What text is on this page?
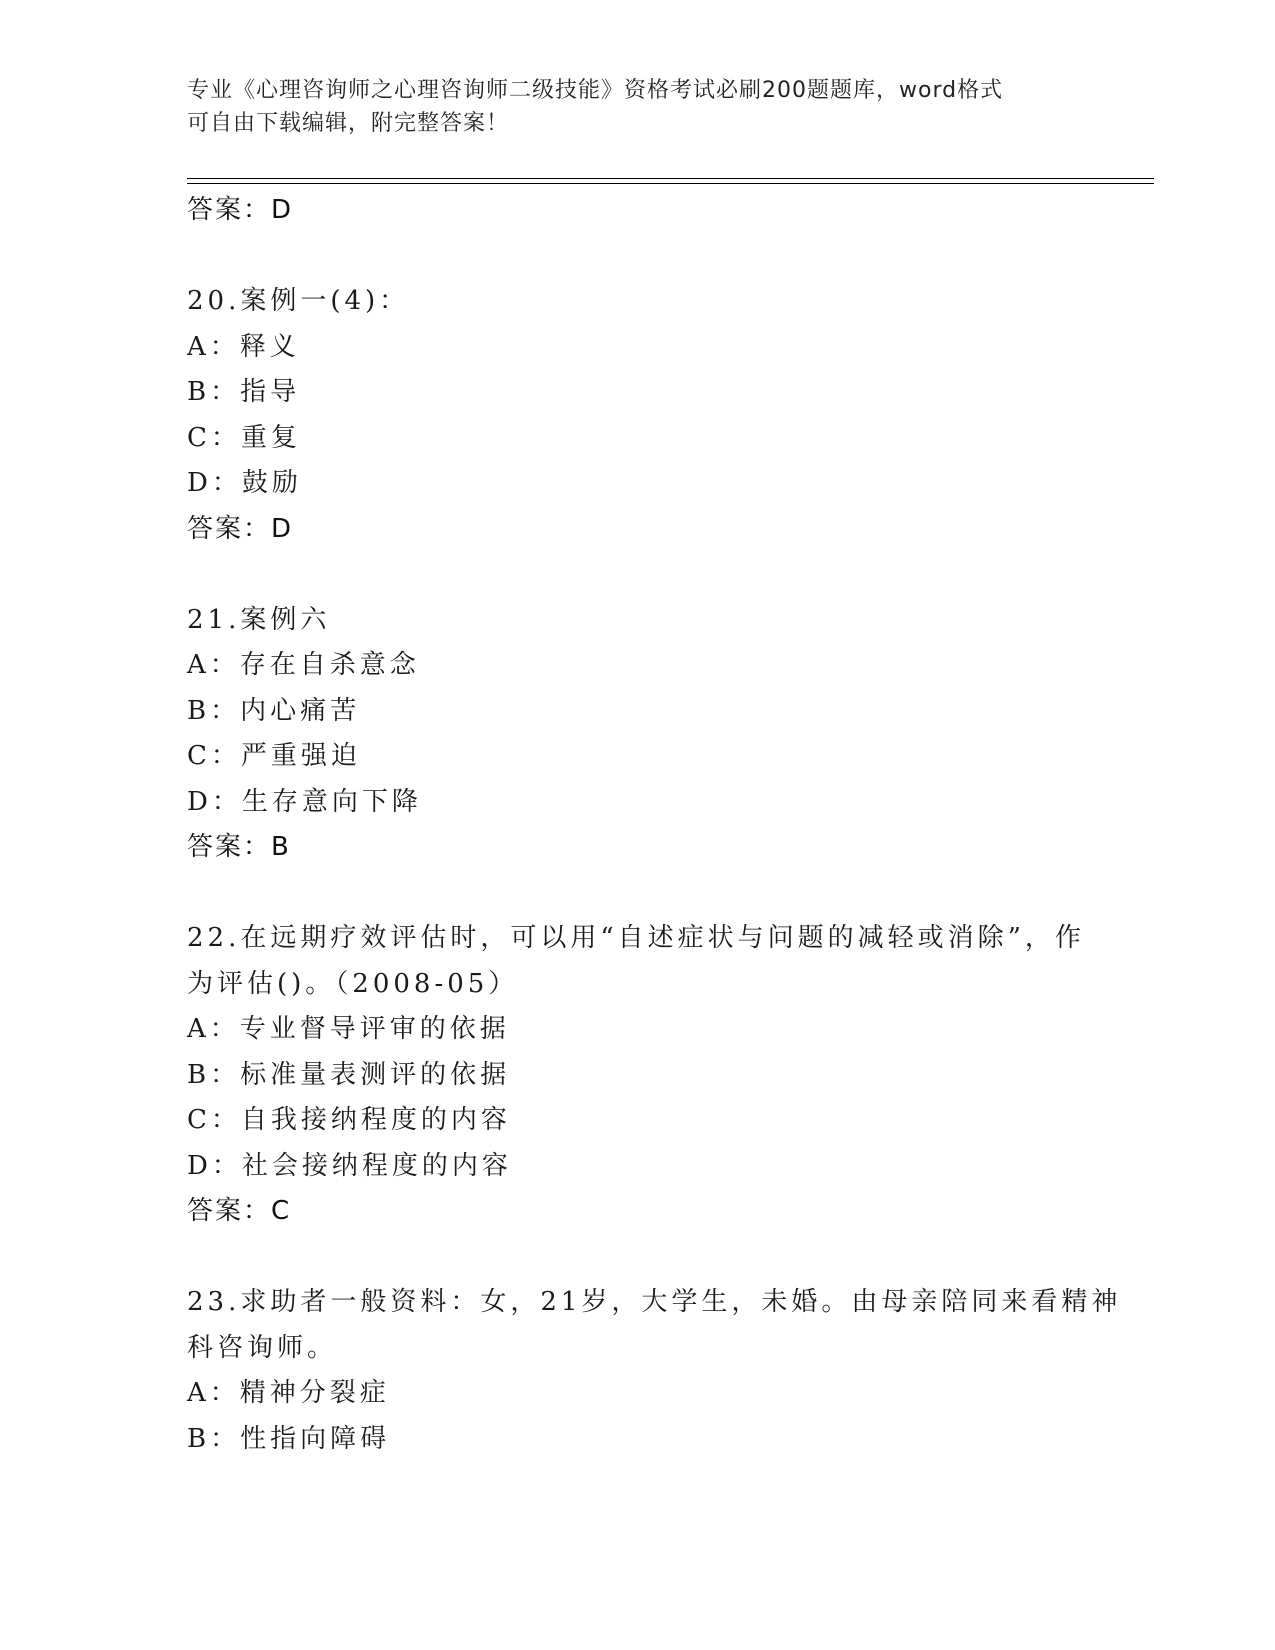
专业《心理咨询师之心理咨询师二级技能》资格考试必刷200题题库，word格式
可自由下载编辑，附完整答案！
答案：D
20.案例一(4)：
A：释义
B：指导
C：重复
D：鼓励
答案：D
21.案例六
A：存在自杀意念
B：内心痛苦
C：严重强迫
D：生存意向下降
答案：B
22.在远期疗效评估时，可以用“自述症状与问题的减轻或消除”，作
为评估()。（2008-05）
A：专业督导评审的依据
B：标准量表测评的依据
C：自我接纳程度的内容
D：社会接纳程度的内容
答案：C
23.求助者一般资料：女，21岁，大学生，未婚。由母亲陪同来看精神
科咨询师。
A：精神分裂症
B：性指向障碍
